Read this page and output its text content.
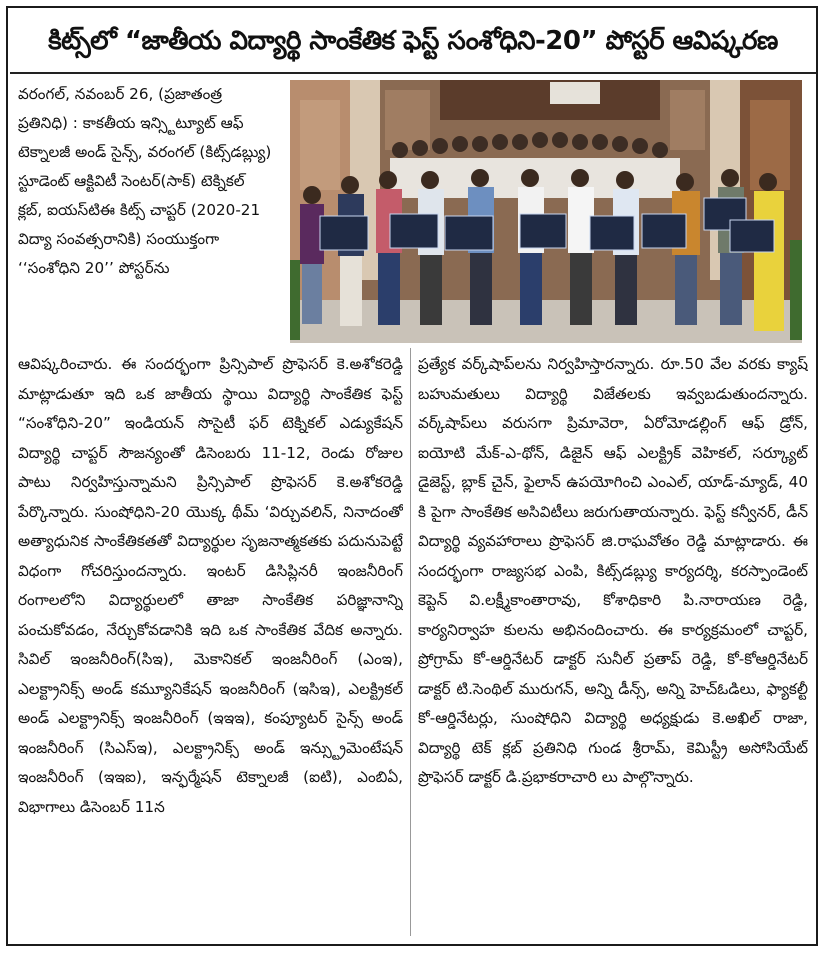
కిట్స్‌లో “జాతీయ విద్యార్థి సాంకేతిక ఫెస్ట్ సంశోధిని-20” పోస్టర్ ఆవిష్కరణ
వరంగల్, నవంబర్ 26, (ప్రజాతంత్ర ప్రతినిధి) : కాకతీయ ఇన్స్టిట్యూట్ ఆఫ్ టెక్నాలజీ అండ్ సైన్స్, వరంగల్ (కిట్స్‌డబ్ల్యు) స్టూడెంట్ ఆక్టివిటీ సెంటర్(సాక్) టెక్నికల్ క్లబ్, ఐయస్‌టిఈ కిట్స్ చాప్టర్ (2020-21 విద్యా సంవత్సరానికి) సంయుక్తంగా ‘‘సంశోధిని 20’’ పోస్టర్‌ను
ఆవిష్కరించారు. ఈ సందర్భంగా ప్రిన్సిపాల్ ప్రొఫెసర్ కె.అశోకరెడ్డి మాట్లాడుతూ ఇది ఒక జాతీయ స్థాయి విద్యార్థి సాంకేతిక ఫెస్ట్ “సంశోధిని-20” ఇండియన్ సొసైటీ ఫర్ టెక్నికల్ ఎడ్యుకేషన్ విద్యార్థి చాప్టర్ సౌజన్యంతో డిసెంబరు 11-12, రెండు రోజుల పాటు నిర్వహిస్తున్నామని ప్రిన్సిపాల్ ప్రొఫెసర్ కె.అశోకరెడ్డి పేర్కొన్నారు. సుంషోధిని-20 యొక్క థీమ్ ‘విర్చువలిన్, నినాదంతో అత్యాధునిక సాంకేతికతతో విద్యార్థుల సృజనాత్మకతకు పదునుపెట్టే విధంగా గోచరిస్తుందన్నారు. ఇంటర్ డిసిప్లినరీ ఇంజనీరింగ్ రంగాలలోని విద్యార్థులలో తాజా సాంకేతిక పరిజ్ఞానాన్ని పంచుకోవడం, నేర్చుకోవడానికి ఇది ఒక సాంకేతిక వేదిక అన్నారు. సివిల్ ఇంజనీరింగ్(సిఇ), మెకానికల్ ఇంజనీరింగ్ (ఎంఇ), ఎలక్ట్రానిక్స్ అండ్ కమ్యూనికేషన్ ఇంజనీరింగ్ (ఇసిఇ), ఎలక్ట్రికల్ అండ్ ఎలక్ట్రానిక్స్ ఇంజనీరింగ్ (ఇఇఇ), కంప్యూటర్ సైన్స్ అండ్ ఇంజనీరింగ్ (సిఎస్ఇ), ఎలక్ట్రానిక్స్ అండ్ ఇన్స్ట్రుమెంటేషన్ ఇంజనీరింగ్ (ఇఇఐ), ఇన్ఫర్మేషన్ టెక్నాలజీ (ఐటి), ఎంబిఏ, విభాగాలు డిసెంబర్ 11న
ప్రత్యేక వర్క్‌షాప్‌లను నిర్వహిస్తారన్నారు. రూ.50 వేల వరకు క్యాష్ బహుమతులు విద్యార్థి విజేతలకు ఇవ్వబడుతుందన్నారు. వర్క్‌షాప్‌లు వరుసగా ప్రిమావెరా, ఏరోమోడల్లింగ్ ఆఫ్ డ్రోన్, ఐయోటి మేక్-ఎ-థోన్, డిజైన్ ఆఫ్ ఎలక్ట్రిక్ వెహికల్, సర్క్యూట్ డైజెస్ట్, బ్లాక్ చైన్, ఫైలాన్ ఉపయోగించి ఎంఎల్, యాడ్-మ్యాడ్, 40 కి పైగా సాంకేతిక అసివిటీలు జరుగుతాయన్నారు. ఫెస్ట్ కన్వీనర్, డీన్ విద్యార్థి వ్యవహారాలు ప్రొఫెసర్ జి.రాఘవోతం రెడ్డి మాట్లాడారు. ఈ సందర్భంగా రాజ్యసభ ఎంపి, కిట్స్‌డబ్ల్యు కార్యదర్శి, కరస్పాండెంట్ కెప్టెన్ వి.లక్ష్మీకాంతారావు, కోశాధికారి పి.నారాయణ రెడ్డి, కార్యనిర్వాహ కులను అభినందించారు. ఈ కార్యక్రమంలో చాప్టర్, ప్రోగ్రామ్ కో-ఆర్డినేటర్ డాక్టర్ సునీల్ ప్రతాప్ రెడ్డి, కో-కోఆర్డినేటర్ డాక్టర్ టి.సెంథిల్ మురుగన్, అన్ని డీన్స్, అన్ని హెచ్‌ఓడిలు, ఫ్యాకల్టీ కో-ఆర్డినేటర్లు, సుంషోధిని విద్యార్థి అధ్యక్షుడు కె.అఖిల్ రాజా, విద్యార్థి టెక్ క్లబ్ ప్రతినిధి గుండ శ్రీరామ్, కెమిస్ట్రీ అసోసియేట్ ప్రొఫెసర్ డాక్టర్ డి.ప్రభాకరాచారి లు పాల్గొన్నారు.
